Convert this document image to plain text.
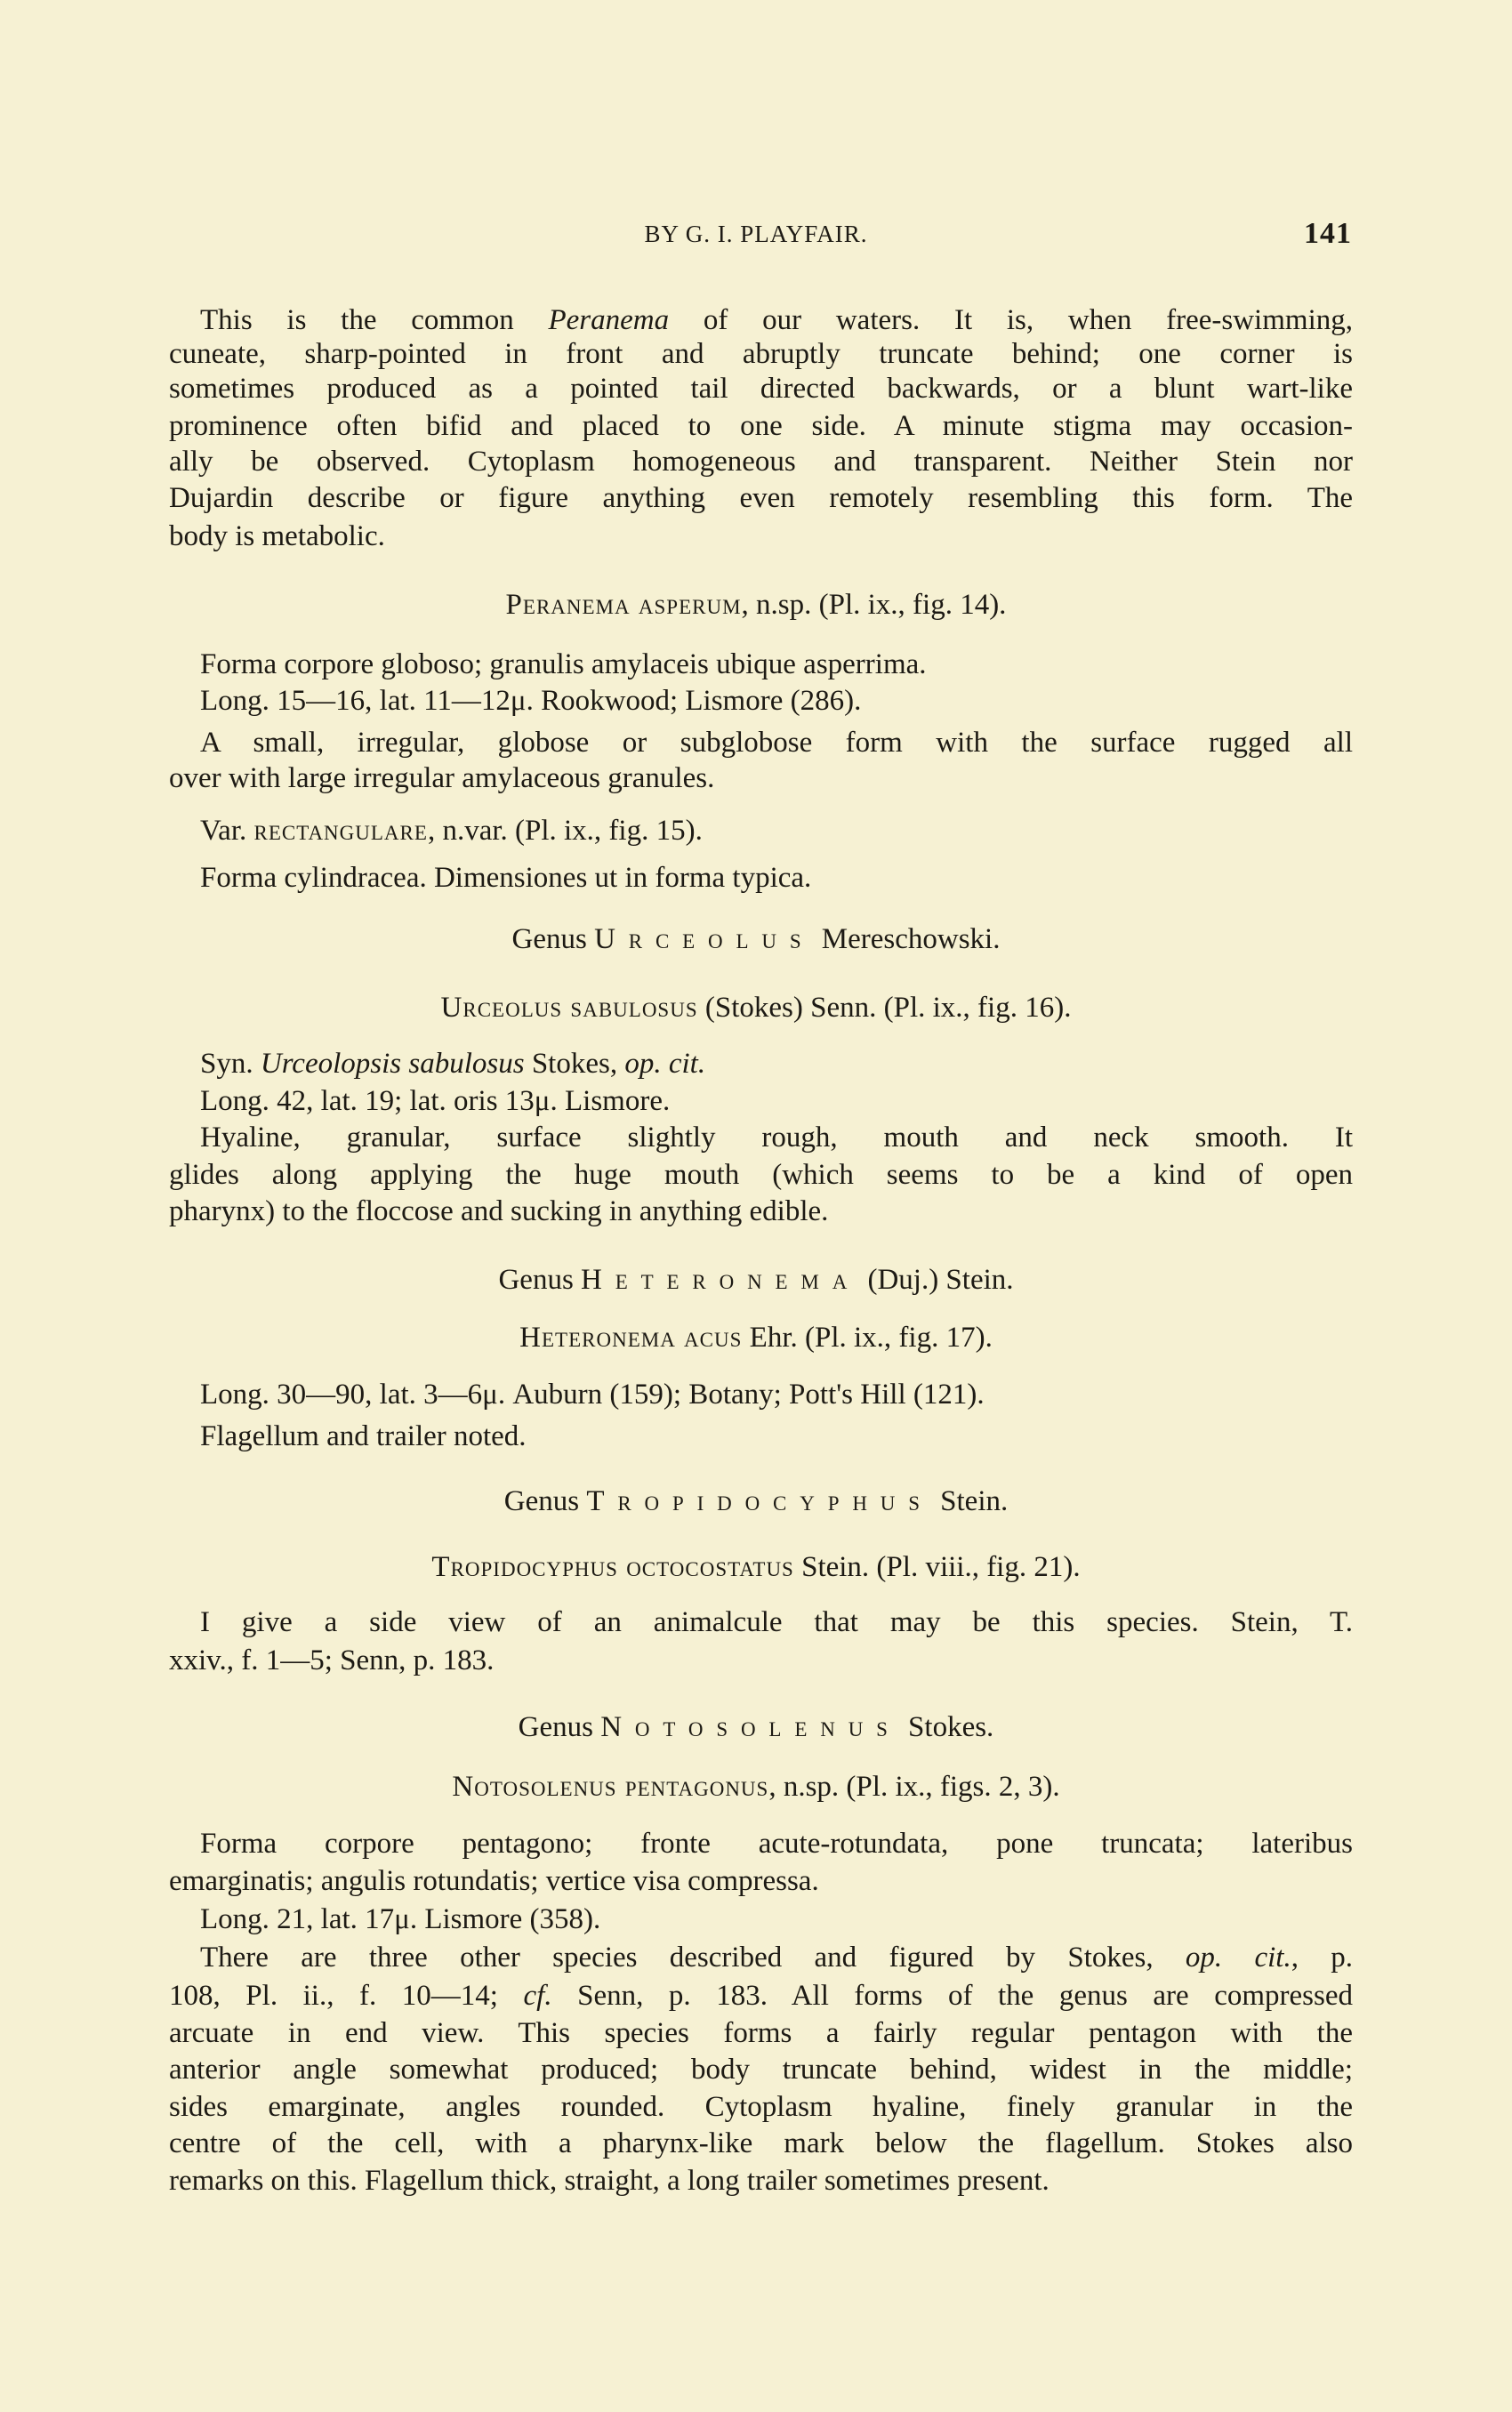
BY G. I. PLAYFAIR.	141
This is the common Peranema of our waters. It is, when free-swimming,
cuneate, sharp-pointed in front and abruptly truncate behind; one corner is
sometimes produced as a pointed tail directed backwards, or a blunt wart-like
prominence often bifid and placed to one side. A minute stigma may occasion-
ally be observed. Cytoplasm homogeneous and transparent. Neither Stein nor
Dujardin describe or figure anything even remotely resembling this form. The
body is metabolic.
Peranema asperum, n.sp. (Pl. ix., fig. 14).
Forma corpore globoso; granulis amylaceis ubique asperrima.
Long. 15—16, lat. 11—12μ. Rookwood; Lismore (286).
A small, irregular, globose or subglobose form with the surface rugged all
over with large irregular amylaceous granules.
Var. rectangulare, n.var. (Pl. ix., fig. 15).
Forma cylindracea. Dimensiones ut in forma typica.
Genus Urceolus Mereschowski.
Urceolus sabulosus (Stokes) Senn. (Pl. ix., fig. 16).
Syn. Urceolopsis sabulosus Stokes, op. cit.
Long. 42, lat. 19; lat. oris 13μ. Lismore.
Hyaline, granular, surface slightly rough, mouth and neck smooth. It
glides along applying the huge mouth (which seems to be a kind of open
pharynx) to the floccose and sucking in anything edible.
Genus Heteronema (Duj.) Stein.
Heteronema acus Ehr. (Pl. ix., fig. 17).
Long. 30—90, lat. 3—6μ. Auburn (159); Botany; Pott's Hill (121).
Flagellum and trailer noted.
Genus Tropidocyphus Stein.
Tropidocyphus octocostatus Stein. (Pl. viii., fig. 21).
I give a side view of an animalcule that may be this species. Stein, T.
xxiv., f. 1—5; Senn, p. 183.
Genus Notosolenus Stokes.
Notosolenus pentagonus, n.sp. (Pl. ix., figs. 2, 3).
Forma corpore pentagono; fronte acute-rotundata, pone truncata; lateribus
emarginatis; angulis rotundatis; vertice visa compressa.
Long. 21, lat. 17μ. Lismore (358).
There are three other species described and figured by Stokes, op. cit., p.
108, Pl. ii., f. 10—14; cf. Senn, p. 183. All forms of the genus are compressed
arcuate in end view. This species forms a fairly regular pentagon with the
anterior angle somewhat produced; body truncate behind, widest in the middle;
sides emarginate, angles rounded. Cytoplasm hyaline, finely granular in the
centre of the cell, with a pharynx-like mark below the flagellum. Stokes also
remarks on this. Flagellum thick, straight, a long trailer sometimes present.
